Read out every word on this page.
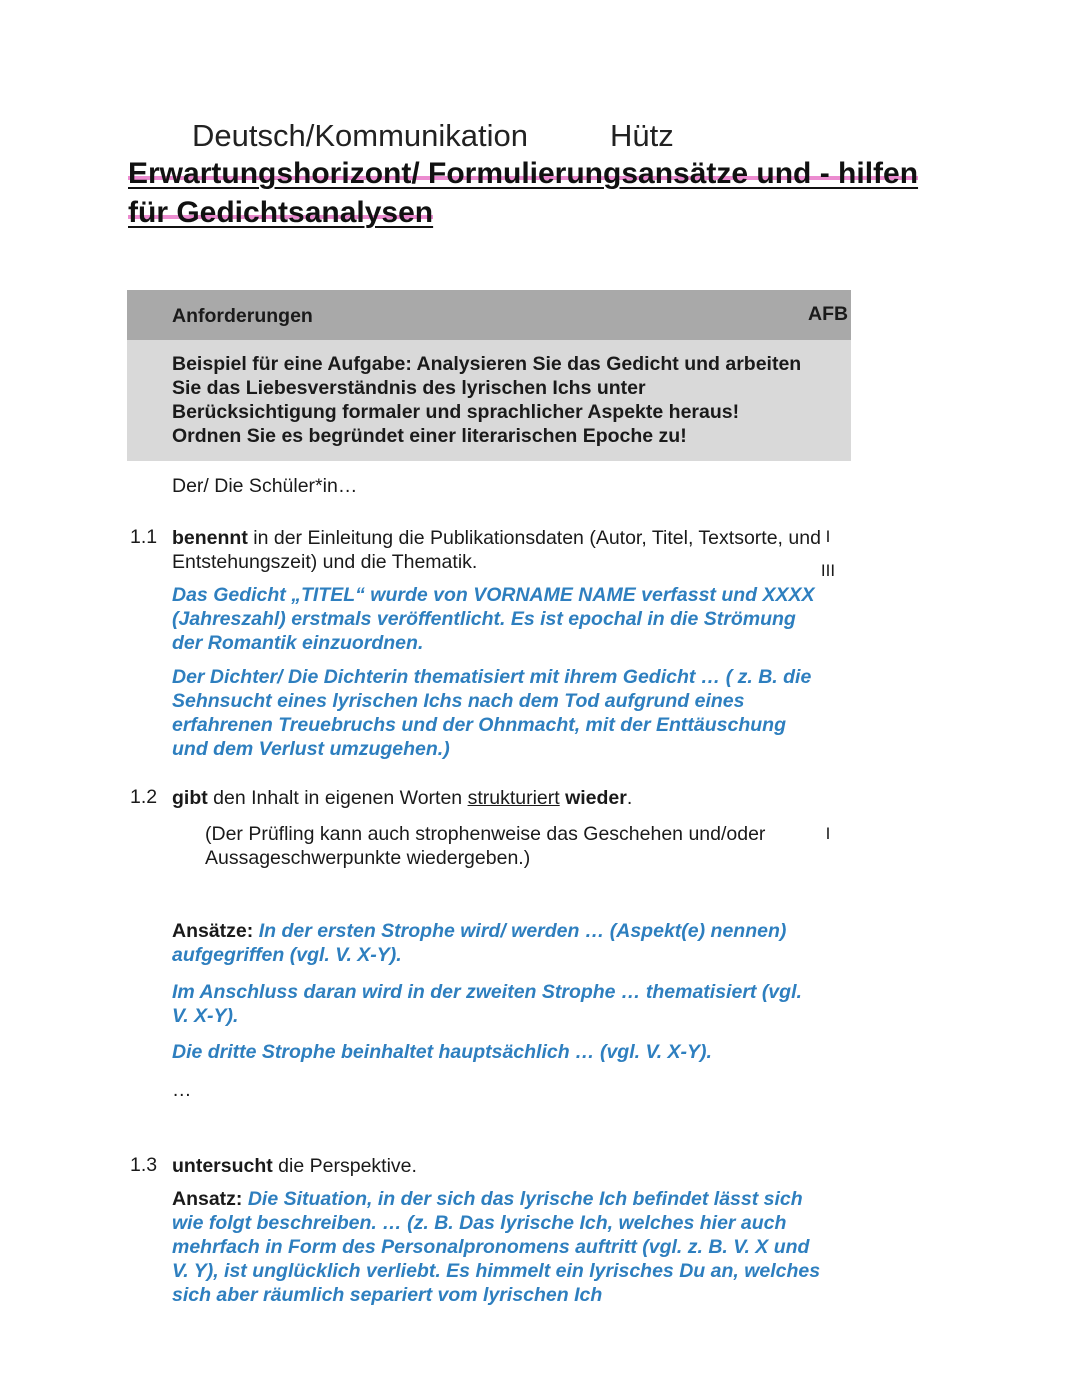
Deutsch/Kommunikation	Hütz
Erwartungshorizont/ Formulierungsansätze und - hilfen für Gedichtsanalysen
Anforderungen	AFB
Beispiel für eine Aufgabe: Analysieren Sie das Gedicht und arbeiten Sie das Liebesverständnis des lyrischen Ichs unter Berücksichtigung formaler und sprachlicher Aspekte heraus! Ordnen Sie es begründet einer literarischen Epoche zu!
Der/ Die Schüler*in…
1.1 benennt in der Einleitung die Publikationsdaten (Autor, Titel, Textsorte, und Entstehungszeit) und die Thematik.
I
III
Das Gedicht „TITEL“ wurde von VORNAME NAME verfasst und XXXX (Jahreszahl) erstmals veröffentlicht. Es ist epochal in die Strömung der Romantik einzuordnen.
Der Dichter/ Die Dichterin thematisiert mit ihrem Gedicht … ( z. B. die Sehnsucht eines lyrischen Ichs nach dem Tod aufgrund eines erfahrenen Treuebruchs und der Ohnmacht, mit der Enttäuschung und dem Verlust umzugehen.)
1.2 gibt den Inhalt in eigenen Worten strukturiert wieder.
(Der Prüfling kann auch strophenweise das Geschehen und/oder Aussageschwerpunkte wiedergeben.)
I
Ansätze: In der ersten Strophe wird/ werden … (Aspekt(e) nennen) aufgegriffen (vgl. V. X-Y).
Im Anschluss daran wird in der zweiten Strophe … thematisiert (vgl. V. X-Y).
Die dritte Strophe beinhaltet hauptsächlich … (vgl. V. X-Y).
…
1.3 untersucht die Perspektive.
Ansatz: Die Situation, in der sich das lyrische Ich befindet lässt sich wie folgt beschreiben. … (z. B. Das lyrische Ich, welches hier auch mehrfach in Form des Personalpronomens auftritt (vgl. z. B. V. X und V. Y), ist unglücklich verliebt. Es himmelt ein lyrisches Du an, welches sich aber räumlich separiert vom lyrischen Ich
